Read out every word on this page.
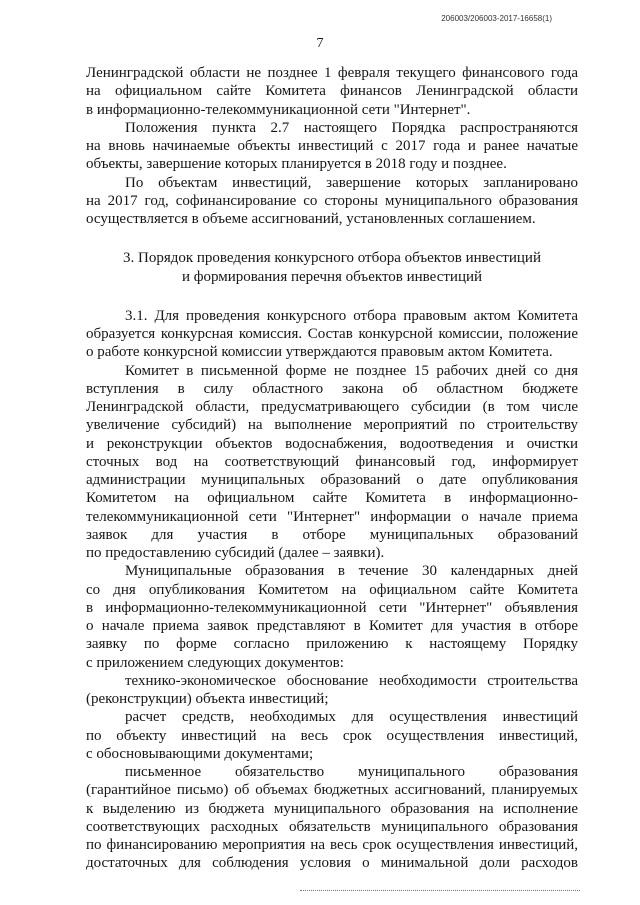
206003/206003-2017-16658(1)
7
Ленинградской области не позднее 1 февраля текущего финансового года
на официальном сайте Комитета финансов Ленинградской области
в информационно-телекоммуникационной сети "Интернет".
Положения пункта 2.7 настоящего Порядка распространяются
на вновь начинаемые объекты инвестиций с 2017 года и ранее начатые
объекты, завершение которых планируется в 2018 году и позднее.
По объектам инвестиций, завершение которых запланировано
на 2017 год, софинансирование со стороны муниципального образования
осуществляется в объеме ассигнований, установленных соглашением.
3. Порядок проведения конкурсного отбора объектов инвестиций
и формирования перечня объектов инвестиций
3.1. Для проведения конкурсного отбора правовым актом Комитета
образуется конкурсная комиссия. Состав конкурсной комиссии, положение
о работе конкурсной комиссии утверждаются правовым актом Комитета.
Комитет в письменной форме не позднее 15 рабочих дней со дня
вступления в силу областного закона об областном бюджете
Ленинградской области, предусматривающего субсидии (в том числе
увеличение субсидий) на выполнение мероприятий по строительству
и реконструкции объектов водоснабжения, водоотведения и очистки
сточных вод на соответствующий финансовый год, информирует
администрации муниципальных образований о дате опубликования
Комитетом на официальном сайте Комитета в информационно-
телекоммуникационной сети "Интернет" информации о начале приема
заявок для участия в отборе муниципальных образований
по предоставлению субсидий (далее – заявки).
Муниципальные образования в течение 30 календарных дней
со дня опубликования Комитетом на официальном сайте Комитета
в информационно-телекоммуникационной сети "Интернет" объявления
о начале приема заявок представляют в Комитет для участия в отборе
заявку по форме согласно приложению к настоящему Порядку
с приложением следующих документов:
технико-экономическое обоснование необходимости строительства
(реконструкции) объекта инвестиций;
расчет средств, необходимых для осуществления инвестиций
по объекту инвестиций на весь срок осуществления инвестиций,
с обосновывающими документами;
письменное обязательство муниципального образования
(гарантийное письмо) об объемах бюджетных ассигнований, планируемых
к выделению из бюджета муниципального образования на исполнение
соответствующих расходных обязательств муниципального образования
по финансированию мероприятия на весь срок осуществления инвестиций,
достаточных для соблюдения условия о минимальной доли расходов
